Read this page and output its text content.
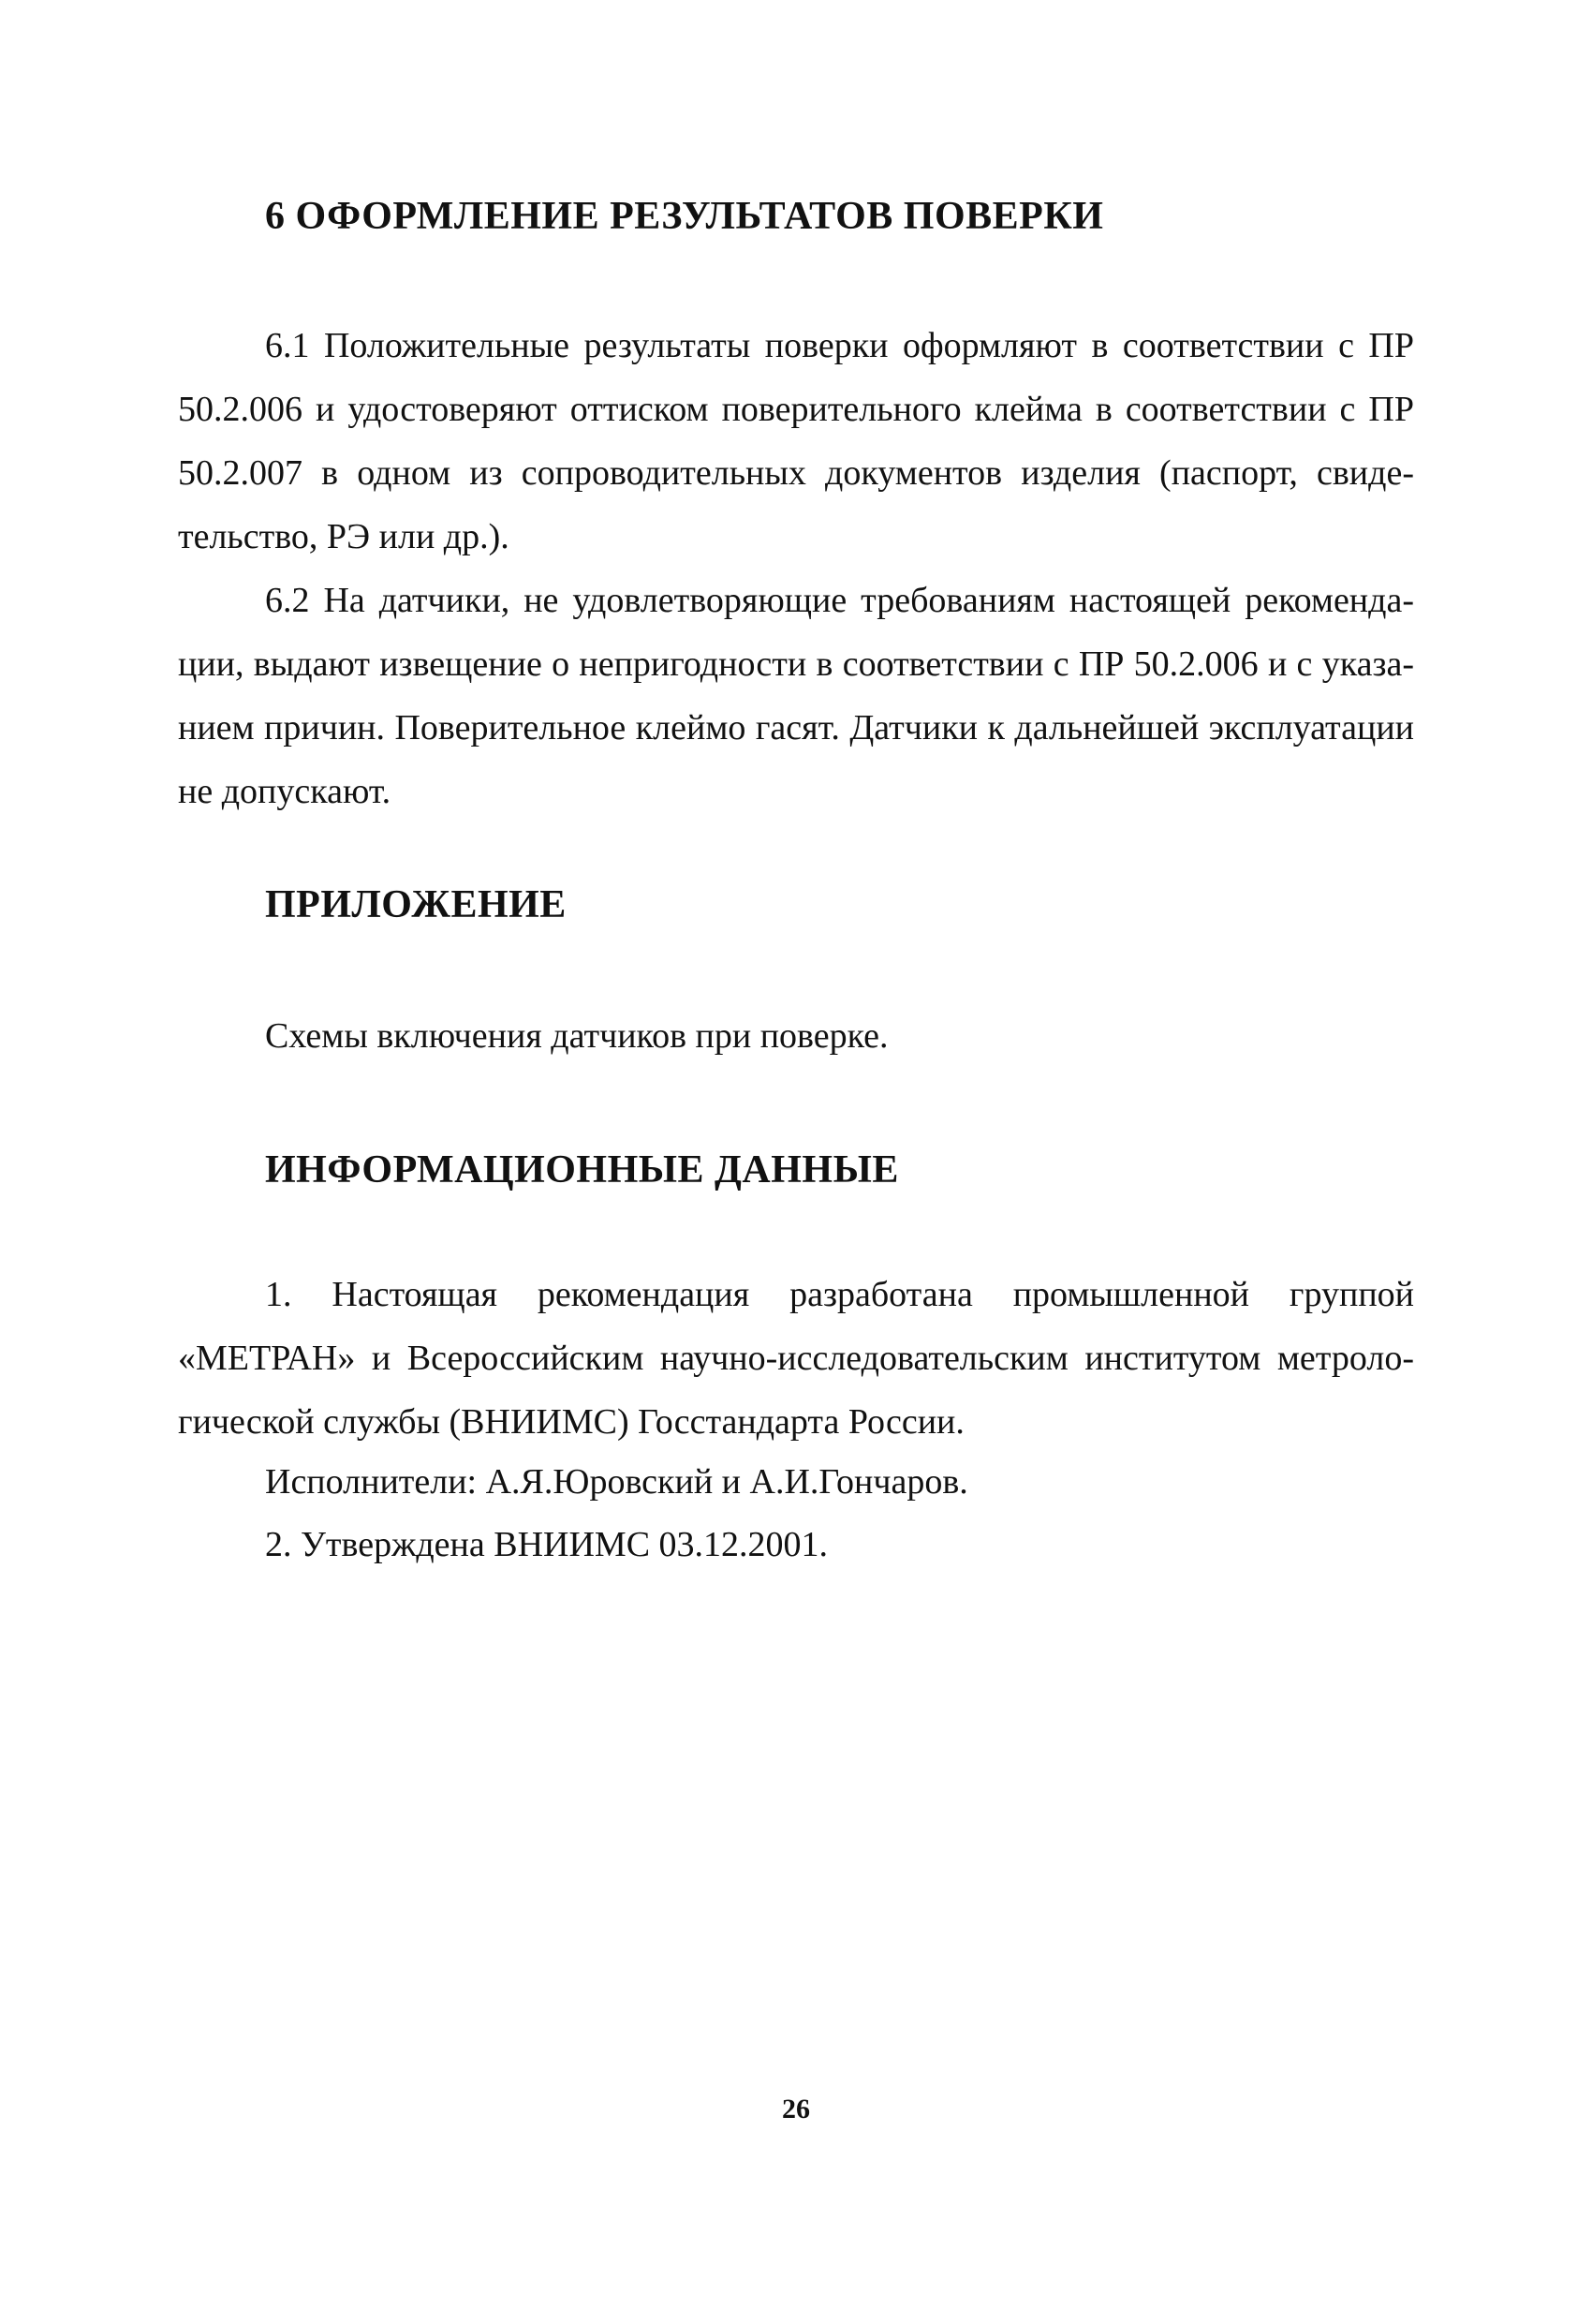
6 ОФОРМЛЕНИЕ РЕЗУЛЬТАТОВ ПОВЕРКИ

6.1 Положительные результаты поверки оформляют в соответствии с ПР 50.2.006 и удостоверяют оттиском поверительного клейма в соответствии с ПР 50.2.007 в одном из сопроводительных документов изделия (паспорт, свидетельство, РЭ или др.).

6.2 На датчики, не удовлетворяющие требованиям настоящей рекомендации, выдают извещение о непригодности в соответствии с ПР 50.2.006 и с указанием причин. Поверительное клеймо гасят. Датчики к дальнейшей эксплуатации не допускают.

ПРИЛОЖЕНИЕ

Схемы включения датчиков при поверке.

ИНФОРМАЦИОННЫЕ ДАННЫЕ

1. Настоящая рекомендация разработана промышленной группой «МЕТРАН» и Всероссийским научно-исследовательским институтом метрологической службы (ВНИИМС) Госстандарта России.

Исполнители: А.Я.Юровский и А.И.Гончаров.

2. Утверждена ВНИИМС 03.12.2001.

26
